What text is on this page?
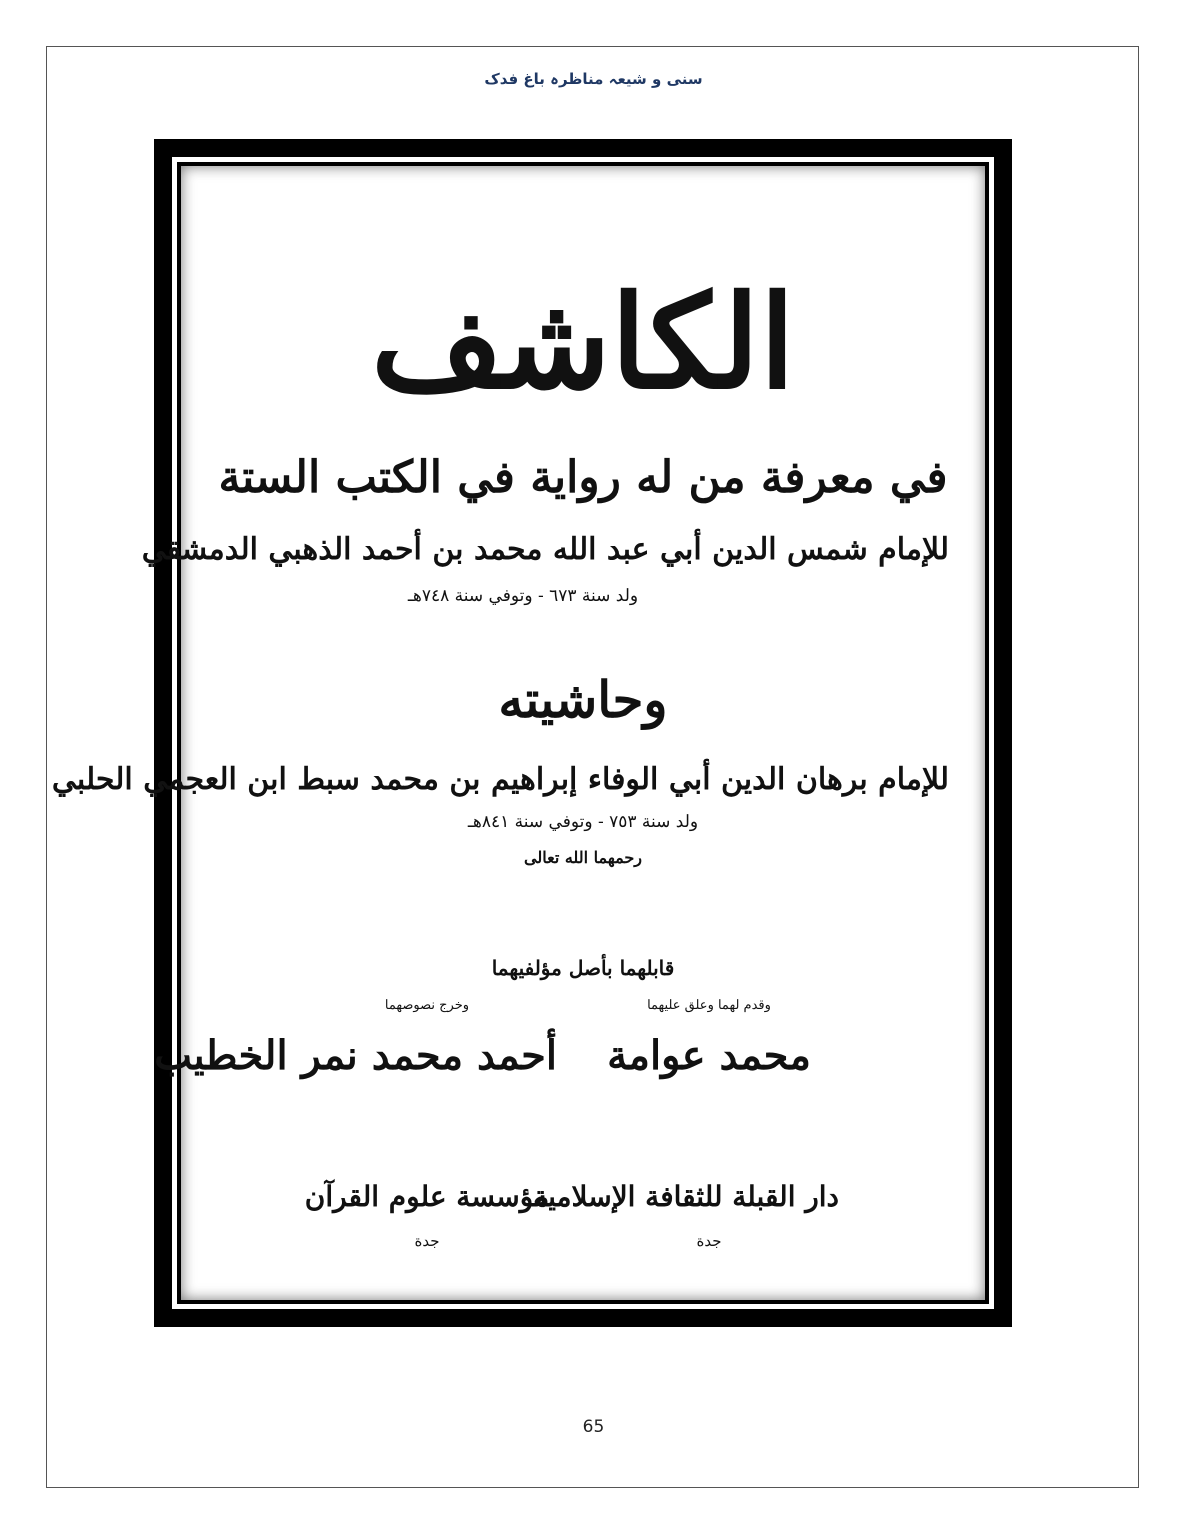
سنی و شیعہ مناظرہ باغ فدک
الكاشف
في معرفة من له رواية في الكتب الستة
للإمام شمس الدين أبي عبد الله محمد بن أحمد الذهبي الدمشقي
ولد سنة ٦٧٣ - وتوفي سنة ٧٤٨هـ
وحاشيته
للإمام برهان الدين أبي الوفاء إبراهيم بن محمد سبط ابن العجمي الحلبي
ولد سنة ٧٥٣ - وتوفي سنة ٨٤١هـ
رحمهما الله تعالى
قابلهما بأصل مؤلفيهما
وقدم لهما وعلق عليهما
وخرج نصوصهما
محمد عوامة
أحمد محمد نمر الخطيب
دار القبلة للثقافة الإسلامية
مؤسسة علوم القرآن
جدة
جدة
65
